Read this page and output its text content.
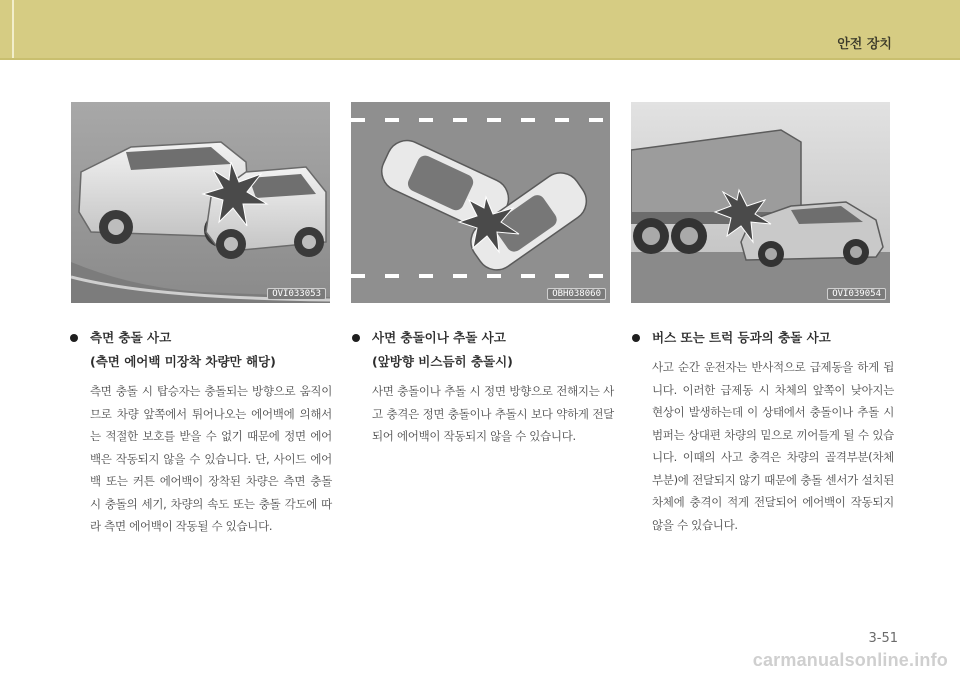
안전 장치
OVI033053	OBH038060	OVI039054
측면 충돌 사고
(측면 에어백 미장착 차량만 해당)
측면 충돌 시 탑승자는 충돌되는 방향으로 움직이므로 차량 앞쪽에서 튀어나오는 에어백에 의해서는 적절한 보호를 받을 수 없기 때문에 정면 에어백은 작동되지 않을 수 있습니다. 단, 사이드 에어백 또는 커튼 에어백이 장착된 차량은 측면 충돌 시 충돌의 세기, 차량의 속도 또는 충돌 각도에 따라 측면 에어백이 작동될 수 있습니다.
사면 충돌이나 추돌 사고
(앞방향 비스듬히 충돌시)
사면 충돌이나 추돌 시 정면 방향으로 전해지는 사고 충격은 정면 충돌이나 추돌시 보다 약하게 전달되어 에어백이 작동되지 않을 수 있습니다.
버스 또는 트럭 등과의 충돌 사고
사고 순간 운전자는 반사적으로 급제동을 하게 됩니다. 이러한 급제동 시 차체의 앞쪽이 낮아지는 현상이 발생하는데 이 상태에서 충돌이나 추돌 시 범퍼는 상대편 차량의 밑으로 끼어들게 될 수 있습니다. 이때의 사고 충격은 차량의 골격부분(차체 부분)에 전달되지 않기 때문에 충돌 센서가 설치된 차체에 충격이 적게 전달되어 에어백이 작동되지 않을 수 있습니다.
3-51
carmanualsonline.info
